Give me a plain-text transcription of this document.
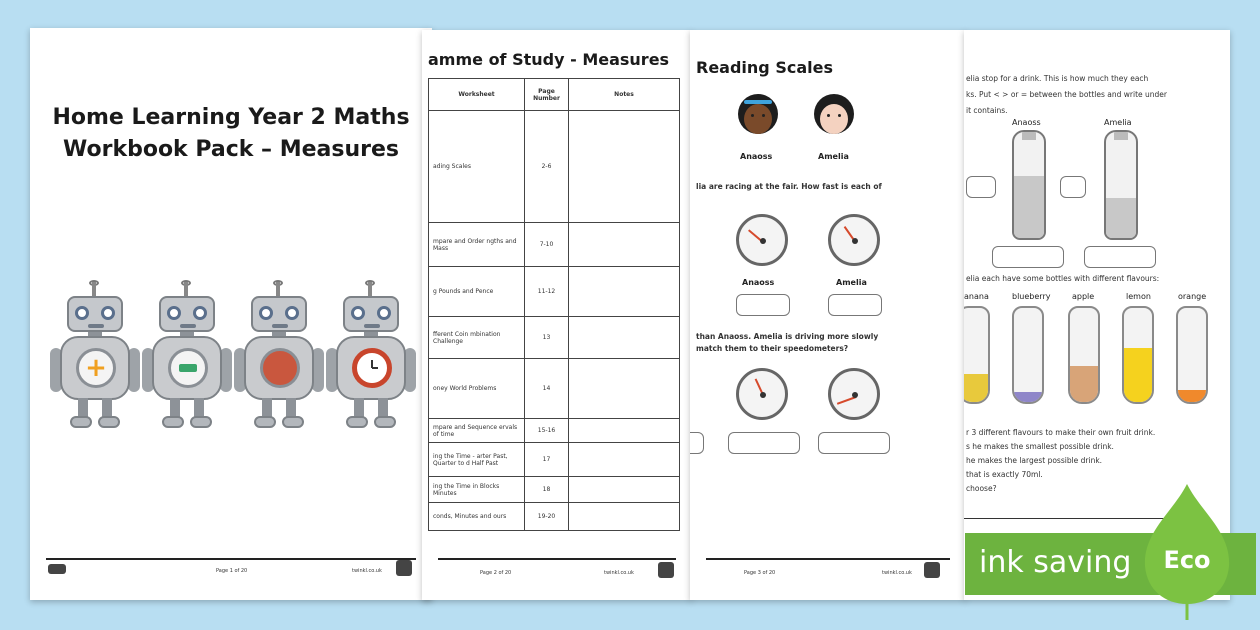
Home Learning Year 2 Maths
Workbook Pack – Measures
+
Page 1 of 20	twinkl.co.uk
amme of Study - Measures
Worksheet	Page Number	Notes
ading Scales	2-6	
mpare and Order ngths and Mass	7-10	
g Pounds and Pence	11-12	
fferent Coin mbination Challenge	13	
oney World Problems	14	
mpare and Sequence ervals of time	15-16	
ing the Time - arter Past, Quarter to d Half Past	17	
ing the Time in Blocks Minutes	18	
conds, Minutes and ours	19-20	
Page 2 of 20	twinkl.co.uk
Reading Scales
Anaoss	Amelia
lia are racing at the fair. How fast is each of
Anaoss	Amelia
than Anaoss. Amelia is driving more slowly
match them to their speedometers?
Page 3 of 20	twinkl.co.uk
elia stop for a drink. This is how much they each
ks. Put < > or = between the bottles and write under
it contains.
Anaoss	Amelia
elia each have some bottles with different flavours:
anana	blueberry	apple	lemon	orange
r 3 different flavours to make their own fruit drink.
s he makes the smallest possible drink.
he makes the largest possible drink.
that is exactly 70ml.
choose?
ink saving	Eco
